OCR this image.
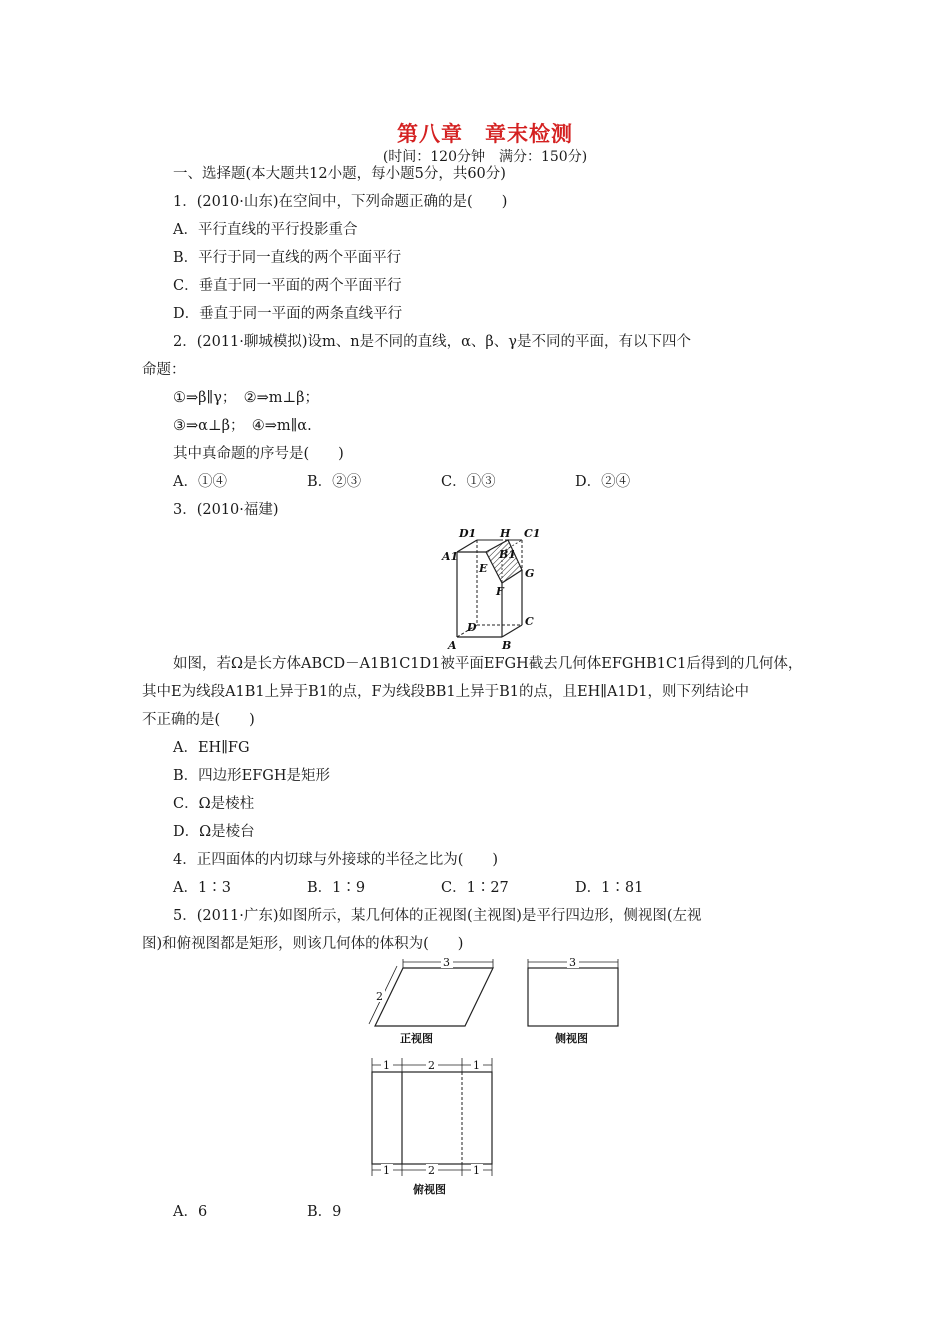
第八章　章末检测
(时间：120分钟　满分：150分)
一、选择题(本大题共12小题，每小题5分，共60分)
1．(2010·山东)在空间中，下列命题正确的是(　　)
A．平行直线的平行投影重合
B．平行于同一直线的两个平面平行
C．垂直于同一平面的两个平面平行
D．垂直于同一平面的两条直线平行
2．(2011·聊城模拟)设m、n是不同的直线，α、β、γ是不同的平面，有以下四个
命题：
①⇒β∥γ；　②⇒m⊥β；
③⇒α⊥β；　④⇒m∥α.
其中真命题的序号是(　　)
A．①④	B．②③	C．①③	D．②④
3．(2010·福建)
D1 H C1
A1	B1
E	G
F
D	C
A	B
如图，若Ω是长方体ABCD－A1B1C1D1被平面EFGH截去几何体EFGHB1C1后得到的几何体，
其中E为线段A1B1上异于B1的点，F为线段BB1上异于B1的点，且EH∥A1D1，则下列结论中
不正确的是(　　)
A．EH∥FG
B．四边形EFGH是矩形
C．Ω是棱柱
D．Ω是棱台
4．正四面体的内切球与外接球的半径之比为(　　)
A．1∶3	B．1∶9	C．1∶27	D．1∶81
5．(2011·广东)如图所示，某几何体的正视图(主视图)是平行四边形，侧视图(左视
图)和俯视图都是矩形，则该几何体的体积为(　　)
3
2
正视图
3
侧视图
1	2	1
1	2	1
俯视图
A．6	B．9
